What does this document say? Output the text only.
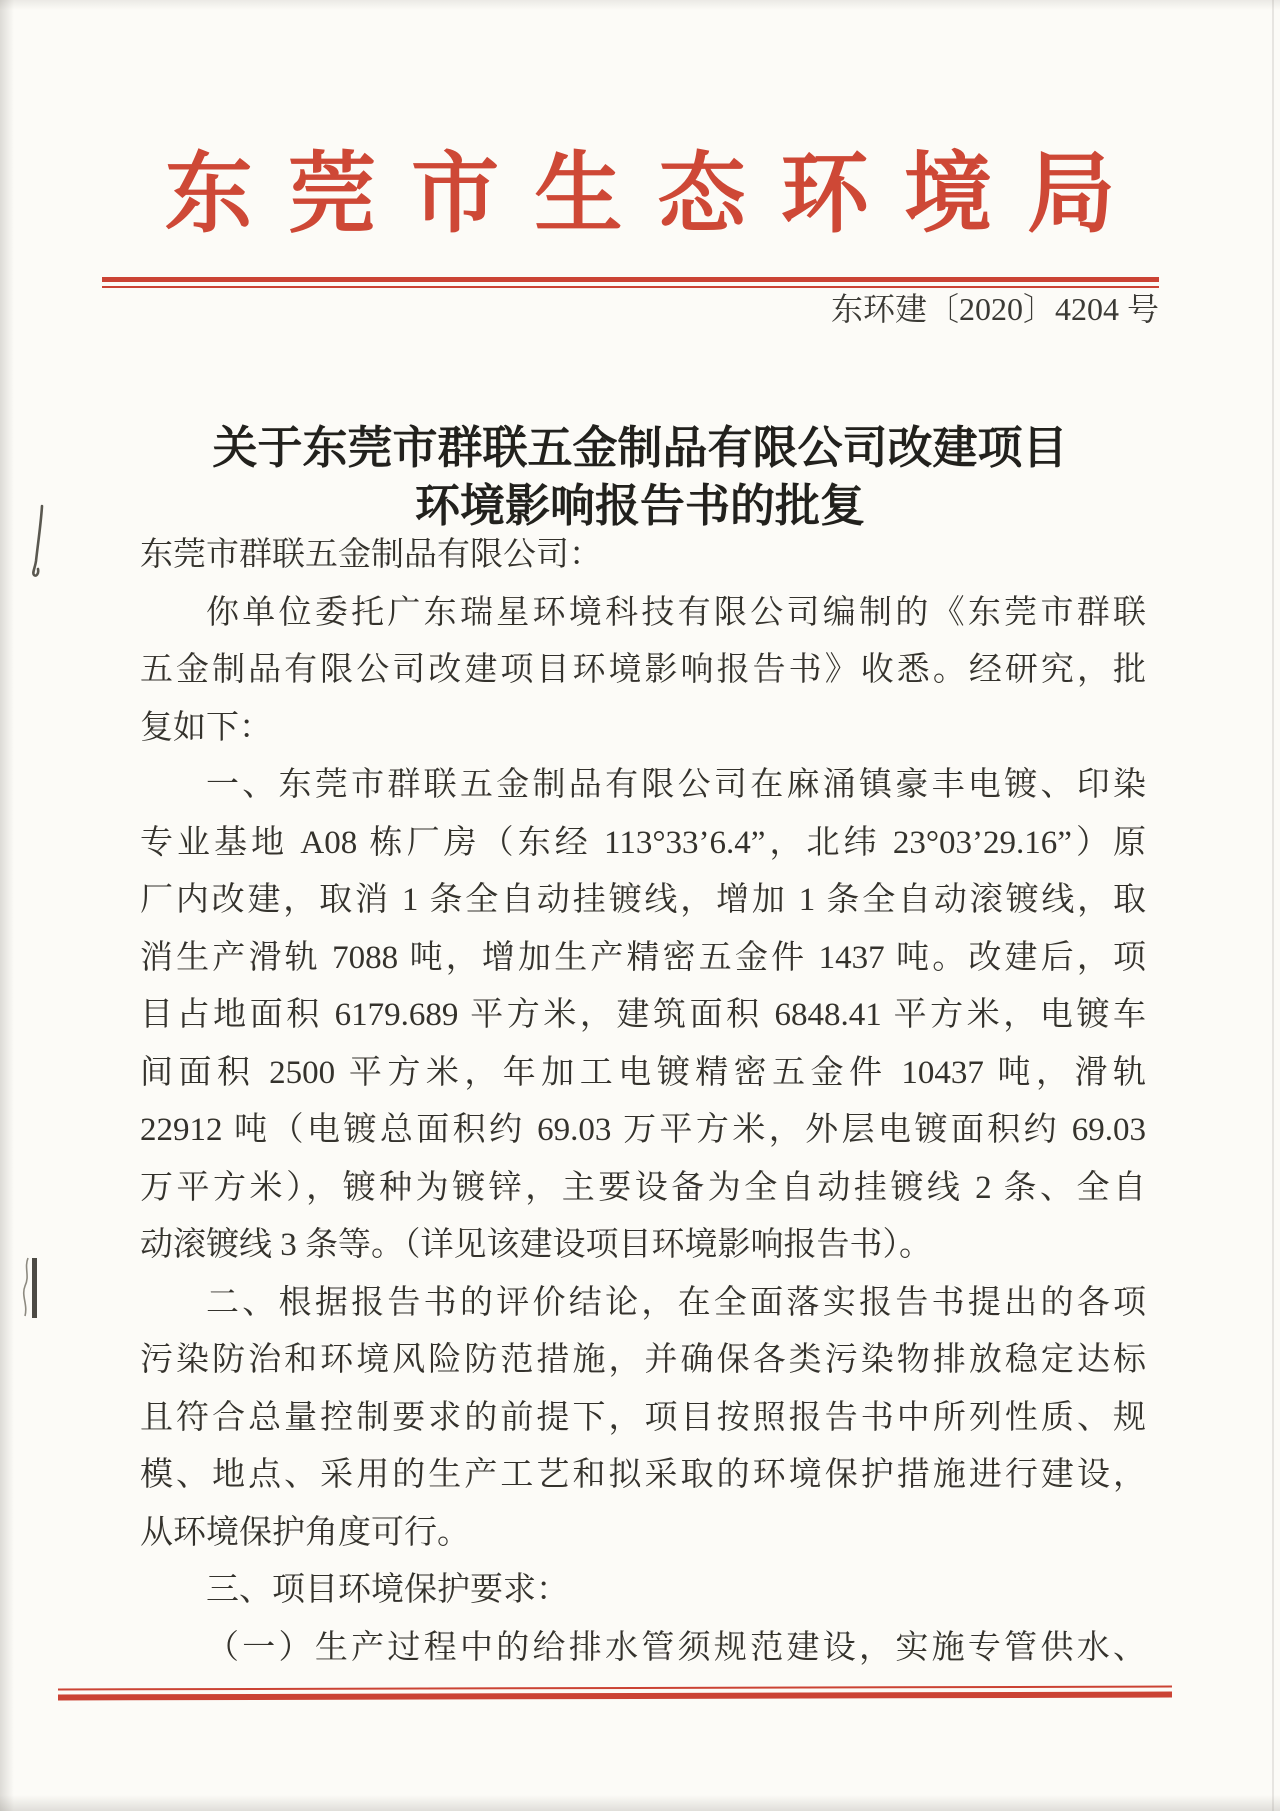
东莞市生态环境局
东环建〔2020〕4204 号
关于东莞市群联五金制品有限公司改建项目
环境影响报告书的批复
东莞市群联五金制品有限公司：
你单位委托广东瑞星环境科技有限公司编制的《东莞市群联
五金制品有限公司改建项目环境影响报告书》收悉。经研究，批
复如下：
一、东莞市群联五金制品有限公司在麻涌镇豪丰电镀、印染
专业基地 A08 栋厂房（东经 113°33’6.4”，北纬 23°03’29.16”）原
厂内改建，取消 1 条全自动挂镀线，增加 1 条全自动滚镀线，取
消生产滑轨 7088 吨，增加生产精密五金件 1437 吨。改建后，项
目占地面积 6179.689 平方米，建筑面积 6848.41 平方米，电镀车
间面积 2500 平方米，年加工电镀精密五金件 10437 吨，滑轨
22912 吨（电镀总面积约 69.03 万平方米，外层电镀面积约 69.03
万平方米），镀种为镀锌，主要设备为全自动挂镀线 2 条、全自
动滚镀线 3 条等。（详见该建设项目环境影响报告书）。
二、根据报告书的评价结论，在全面落实报告书提出的各项
污染防治和环境风险防范措施，并确保各类污染物排放稳定达标
且符合总量控制要求的前提下，项目按照报告书中所列性质、规
模、地点、采用的生产工艺和拟采取的环境保护措施进行建设，
从环境保护角度可行。
三、项目环境保护要求：
（一）生产过程中的给排水管须规范建设，实施专管供水、
